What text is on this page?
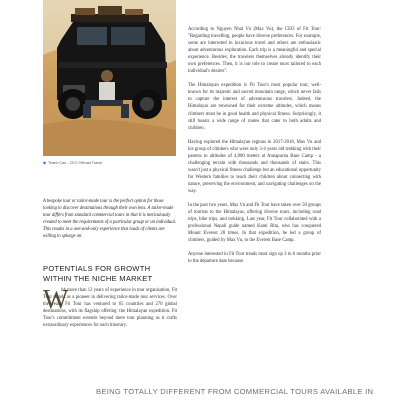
◆ Thanh Cao - CEO Offroad Travel

A bespoke tour or tailor-made tour is the perfect option for those looking to discover destinations through their own lens. A tailor-made tour differs from standard commercial tours in that it is meticulously created to meet the requirements of a particular group or an individual. This results in a one-and-only experience that loads of clients are willing to splurge on.

POTENTIALS FOR GROWTH WITHIN THE NICHE MARKET
W

ith more than 12 years of experience in tour organisation, Fit Tour stands as a pioneer in delivering tailor-made tour services. Over the years, Fit Tour has ventured to 65 countries and 270 global destinations, with its flagship offering: the Himalayan expedition. Fit Tour's commitment extends beyond mere tour planning as it crafts extraordinary experiences for each itinerary.

According to Nguyen Nhat Vu (Max Vu), the CEO of Fit Tour: "Regarding travelling, people have diverse preferences. For example, some are interested in luxurious travel and others are enthusiastic about adventurous exploration. Each trip is a meaningful and special experience. Besides, the travelers themselves already identify their own preferences. Then, it is our role to create tours tailored to each individual's desires".

The Himalayan expedition is Fit Tour's most popular tour, well-known for its majestic and sacred mountain range, which never fails to capture the interest of adventurous travelers. Indeed, the Himalayas are renowned for their extreme altitudes, which means climbers must be in good health and physical fitness. Surprisingly, it still boasts a wide range of routes that cater to both adults and children.

Having explored the Himalayan regions in 2017-2018, Max Vu and his group of climbers who were only 3-4 years old trekking with their parents to altitudes of 4,000 meters at Annapurna Base Camp - a challenging terrain with thousands and thousands of stairs. This wasn't just a physical fitness challenge but an educational opportunity for Western families to teach their children about connecting with nature, preserving the environment, and navigating challenges on the way.

In the past two years, Max Vu and Fit Tour have taken over 50 groups of tourists to the Himalayas, offering diverse tours, including road trips, bike trips, and trekking. Last year, Fit Tour collaborated with a professional Nepali guide named Kami Rita, who has conquered Mount Everest 28 times. In that expedition, he led a group of climbers, guided by Max Vu, to the Everest Base Camp.

Anyone interested in Fit Tour treads must sign up 3 to 6 months prior to the departure date because

BEING TOTALLY DIFFERENT FROM COMMERCIAL TOURS AVAILABLE IN
